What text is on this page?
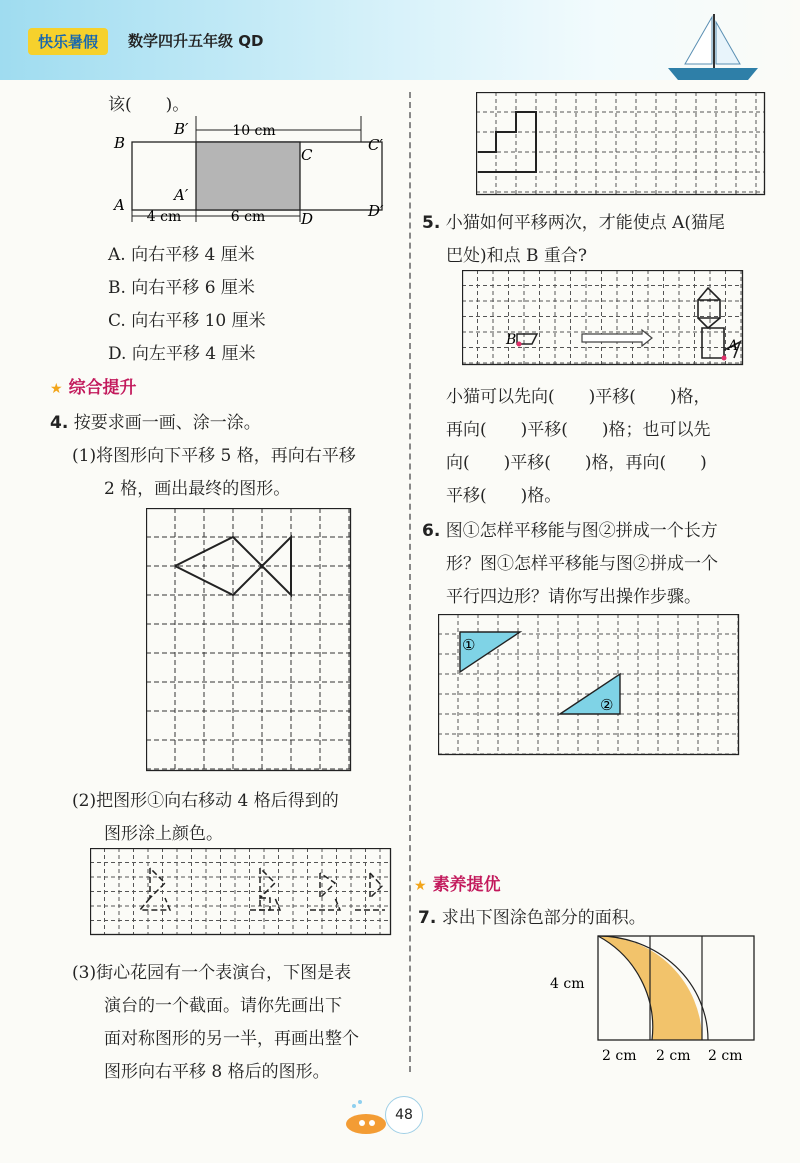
快乐暑假	数学四升五年级 QD
该(　　)。
10 cm
4 cm	6 cm
B
B′
C′
C
A
A′
D	D′
A. 向右平移 4 厘米
B. 向右平移 6 厘米
C. 向右平移 10 厘米
D. 向左平移 4 厘米
★ 综合提升
4. 按要求画一画、涂一涂。
(1)将图形向下平移 5 格，再向右平移
2 格，画出最终的图形。
(2)把图形①向右移动 4 格后得到的
图形涂上颜色。
(3)街心花园有一个表演台，下图是表
演台的一个截面。请你先画出下
面对称图形的另一半，再画出整个
图形向右平移 8 格后的图形。
5. 小猫如何平移两次，才能使点 A(猫尾
巴处)和点 B 重合?
B	A
小猫可以先向(　　)平移(　　)格，
再向(　　)平移(　　)格；也可以先
向(　　)平移(　　)格，再向(　　)
平移(　　)格。
6. 图①怎样平移能与图②拼成一个长方
形？图①怎样平移能与图②拼成一个
平行四边形？请你写出操作步骤。
①
②
★ 素养提优
7. 求出下图涂色部分的面积。
4 cm
2 cm 2 cm 2 cm
48
